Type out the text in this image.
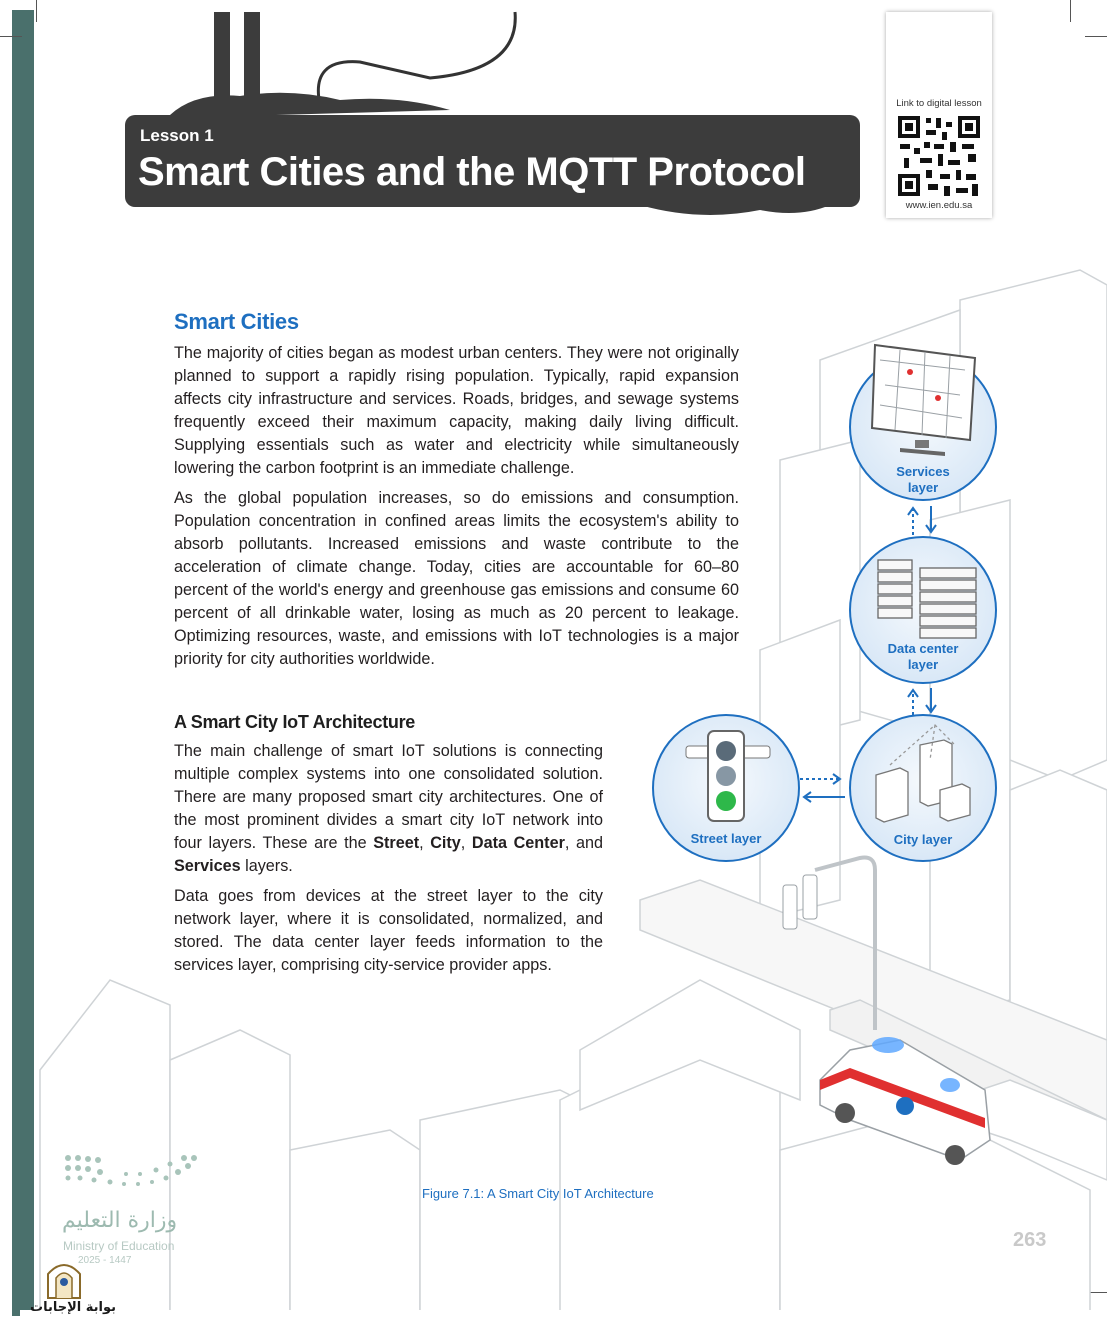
Lesson 1
Smart Cities and the MQTT Protocol
Link to digital lesson
www.ien.edu.sa
Smart Cities

The majority of cities began as modest urban centers. They were not originally planned to support a rapidly rising population. Typically, rapid expansion affects city infrastructure and services. Roads, bridges, and sewage systems frequently exceed their maximum capacity, making daily living difficult. Supplying essentials such as water and electricity while simultaneously lowering the carbon footprint is an immediate challenge.

As the global population increases, so do emissions and consumption. Population concentration in confined areas limits the ecosystem's ability to absorb pollutants. Increased emissions and waste contribute to the acceleration of climate change. Today, cities are accountable for 60–80 percent of the world's energy and greenhouse gas emissions and consume 60 percent of all drinkable water, losing as much as 20 percent to leakage. Optimizing resources, waste, and emissions with IoT technologies is a major priority for city authorities worldwide.

A Smart City IoT Architecture

The main challenge of smart IoT solutions is connecting multiple complex systems into one consolidated solution. There are many proposed smart city architectures. One of the most prominent divides a smart city IoT network into four layers. These are the Street, City, Data Center, and Services layers.

Data goes from devices at the street layer to the city network layer, where it is consolidated, normalized, and stored. The data center layer feeds information to the services layer, comprising city-service provider apps.

Services
layer
Data center
layer
City layer
Street layer
Figure 7.1: A Smart City IoT Architecture
263
وزارة التعليم
Ministry of Education
2025 - 1447
بوابة الإجابات
